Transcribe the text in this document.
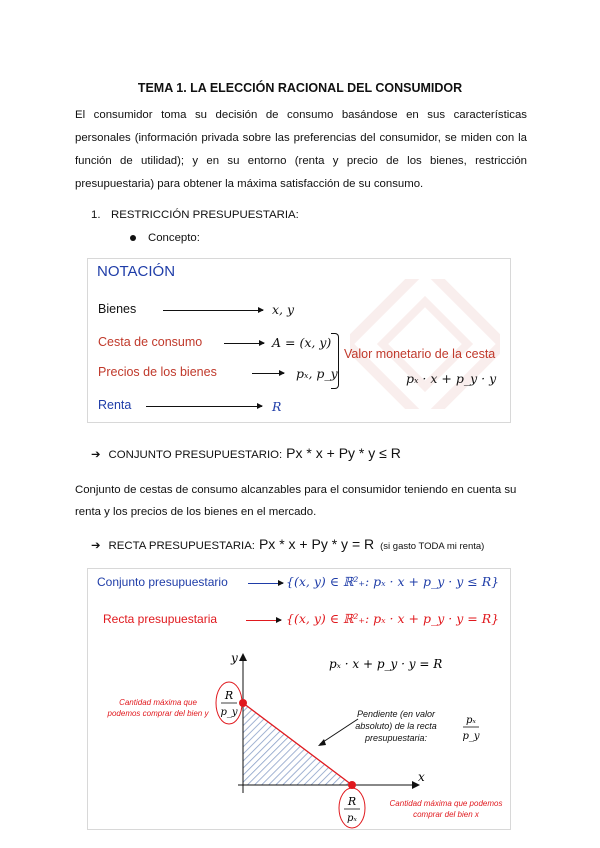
TEMA 1. LA ELECCIÓN RACIONAL DEL CONSUMIDOR
El consumidor toma su decisión de consumo basándose en sus características personales (información privada sobre las preferencias del consumidor, se miden con la función de utilidad); y en su entorno (renta y precio de los bienes, restricción presupuestaria) para obtener la máxima satisfacción de su consumo.
1. RESTRICCIÓN PRESUPUESTARIA:
Concepto:
NOTACIÓN
Bienes	x, y
Cesta de consumo	A = (x, y)
Precios de los bienes	pₓ, p_y
Renta	R
Valor monetario de la cesta
pₓ · x + p_y · y
➔ CONJUNTO PRESUPUESTARIO: Px * x + Py * y ≤ R
Conjunto de cestas de consumo alcanzables para el consumidor teniendo en cuenta su renta y los precios de los bienes en el mercado.
➔ RECTA PRESUPUESTARIA: Px * x + Py * y = R (si gasto TODA mi renta)
Conjunto presupuestario	{(x, y) ∈ ℝ²₊: pₓ · x + p_y · y ≤ R}
Recta presupuestaria	{(x, y) ∈ ℝ²₊: pₓ · x + p_y · y = R}
y
x
R
p_y
R
pₓ
pₓ · x + p_y · y = R
pₓ
p_y
Cantidad máxima que podemos comprar del bien y
Cantidad máxima que podemos comprar del bien x
Pendiente (en valor absoluto) de la recta presupuestaria:
